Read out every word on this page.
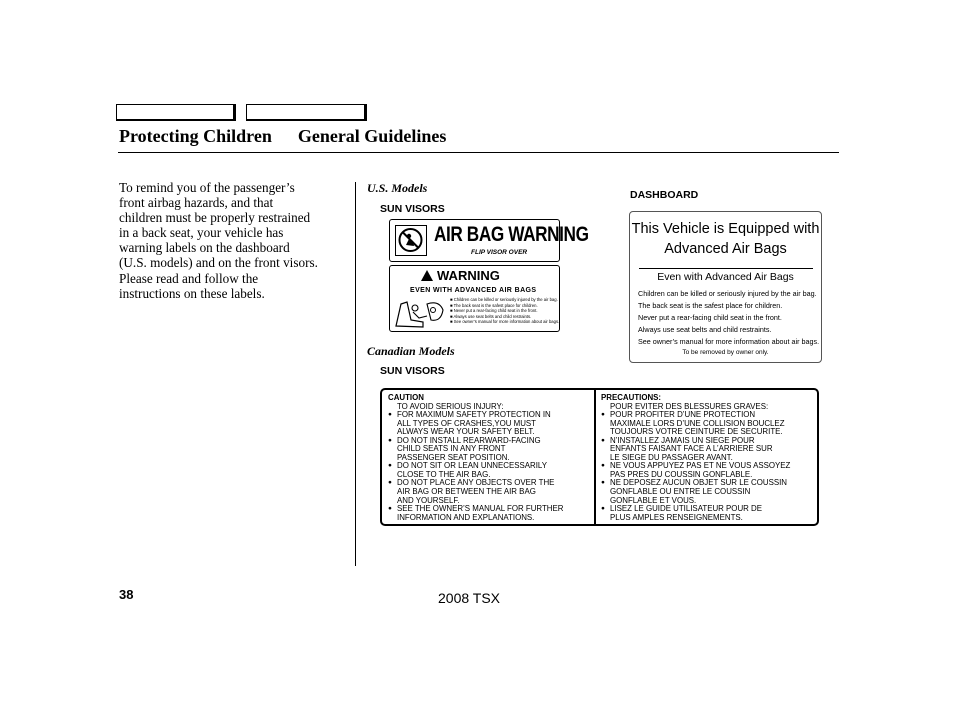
Protecting Children General Guidelines
To remind you of the passenger’s
front airbag hazards, and that
children must be properly restrained
in a back seat, your vehicle has
warning labels on the dashboard
(U.S. models) and on the front visors.
Please read and follow the
instructions on these labels.
U.S. Models
SUN VISORS
AIR BAG WARNING
FLIP VISOR OVER
WARNING
EVEN WITH ADVANCED AIR BAGS
■ Children can be killed or seriously injured by the air bag.
■ The back seat is the safest place for children.
■ Never put a rear-facing child seat in the front.
■ Always use seat belts and child restraints.
■ See owner’s manual for more information about air bags.
DASHBOARD
This Vehicle is Equipped with
Advanced Air Bags
Even with Advanced Air Bags
Children can be killed or seriously injured by the air bag.
The back seat is the safest place for children.
Never put a rear-facing child seat in the front.
Always use seat belts and child restraints.
See owner’s manual for more information about air bags.
To be removed by owner only.
Canadian Models
SUN VISORS
CAUTION
TO AVOID SERIOUS INJURY:
● FOR MAXIMUM SAFETY PROTECTION IN
ALL TYPES OF CRASHES,YOU MUST
ALWAYS WEAR YOUR SAFETY BELT.
● DO NOT INSTALL REARWARD-FACING
CHILD SEATS IN ANY FRONT
PASSENGER SEAT POSITION.
● DO NOT SIT OR LEAN UNNECESSARILY
CLOSE TO THE AIR BAG.
● DO NOT PLACE ANY OBJECTS OVER THE
AIR BAG OR BETWEEN THE AIR BAG
AND YOURSELF.
● SEE THE OWNER’S MANUAL FOR FURTHER
INFORMATION AND EXPLANATIONS.
PRECAUTIONS:
POUR EVITER DES BLESSURES GRAVES:
● POUR PROFITER D’UNE PROTECTION
MAXIMALE LORS D’UNE COLLISION BOUCLEZ
TOUJOURS VOTRE CEINTURE DE SECURITE.
● N’INSTALLEZ JAMAIS UN SIEGE POUR
ENFANTS FAISANT FACE A L’ARRIERE SUR
LE SIEGE DU PASSAGER AVANT.
● NE VOUS APPUYEZ PAS ET NE VOUS ASSOYEZ
PAS PRES DU COUSSIN GONFLABLE.
● NE DEPOSEZ AUCUN OBJET SUR LE COUSSIN
GONFLABLE OU ENTRE LE COUSSIN
GONFLABLE ET VOUS.
● LISEZ LE GUIDE UTILISATEUR POUR DE
PLUS AMPLES RENSEIGNEMENTS.
38	2008 TSX
